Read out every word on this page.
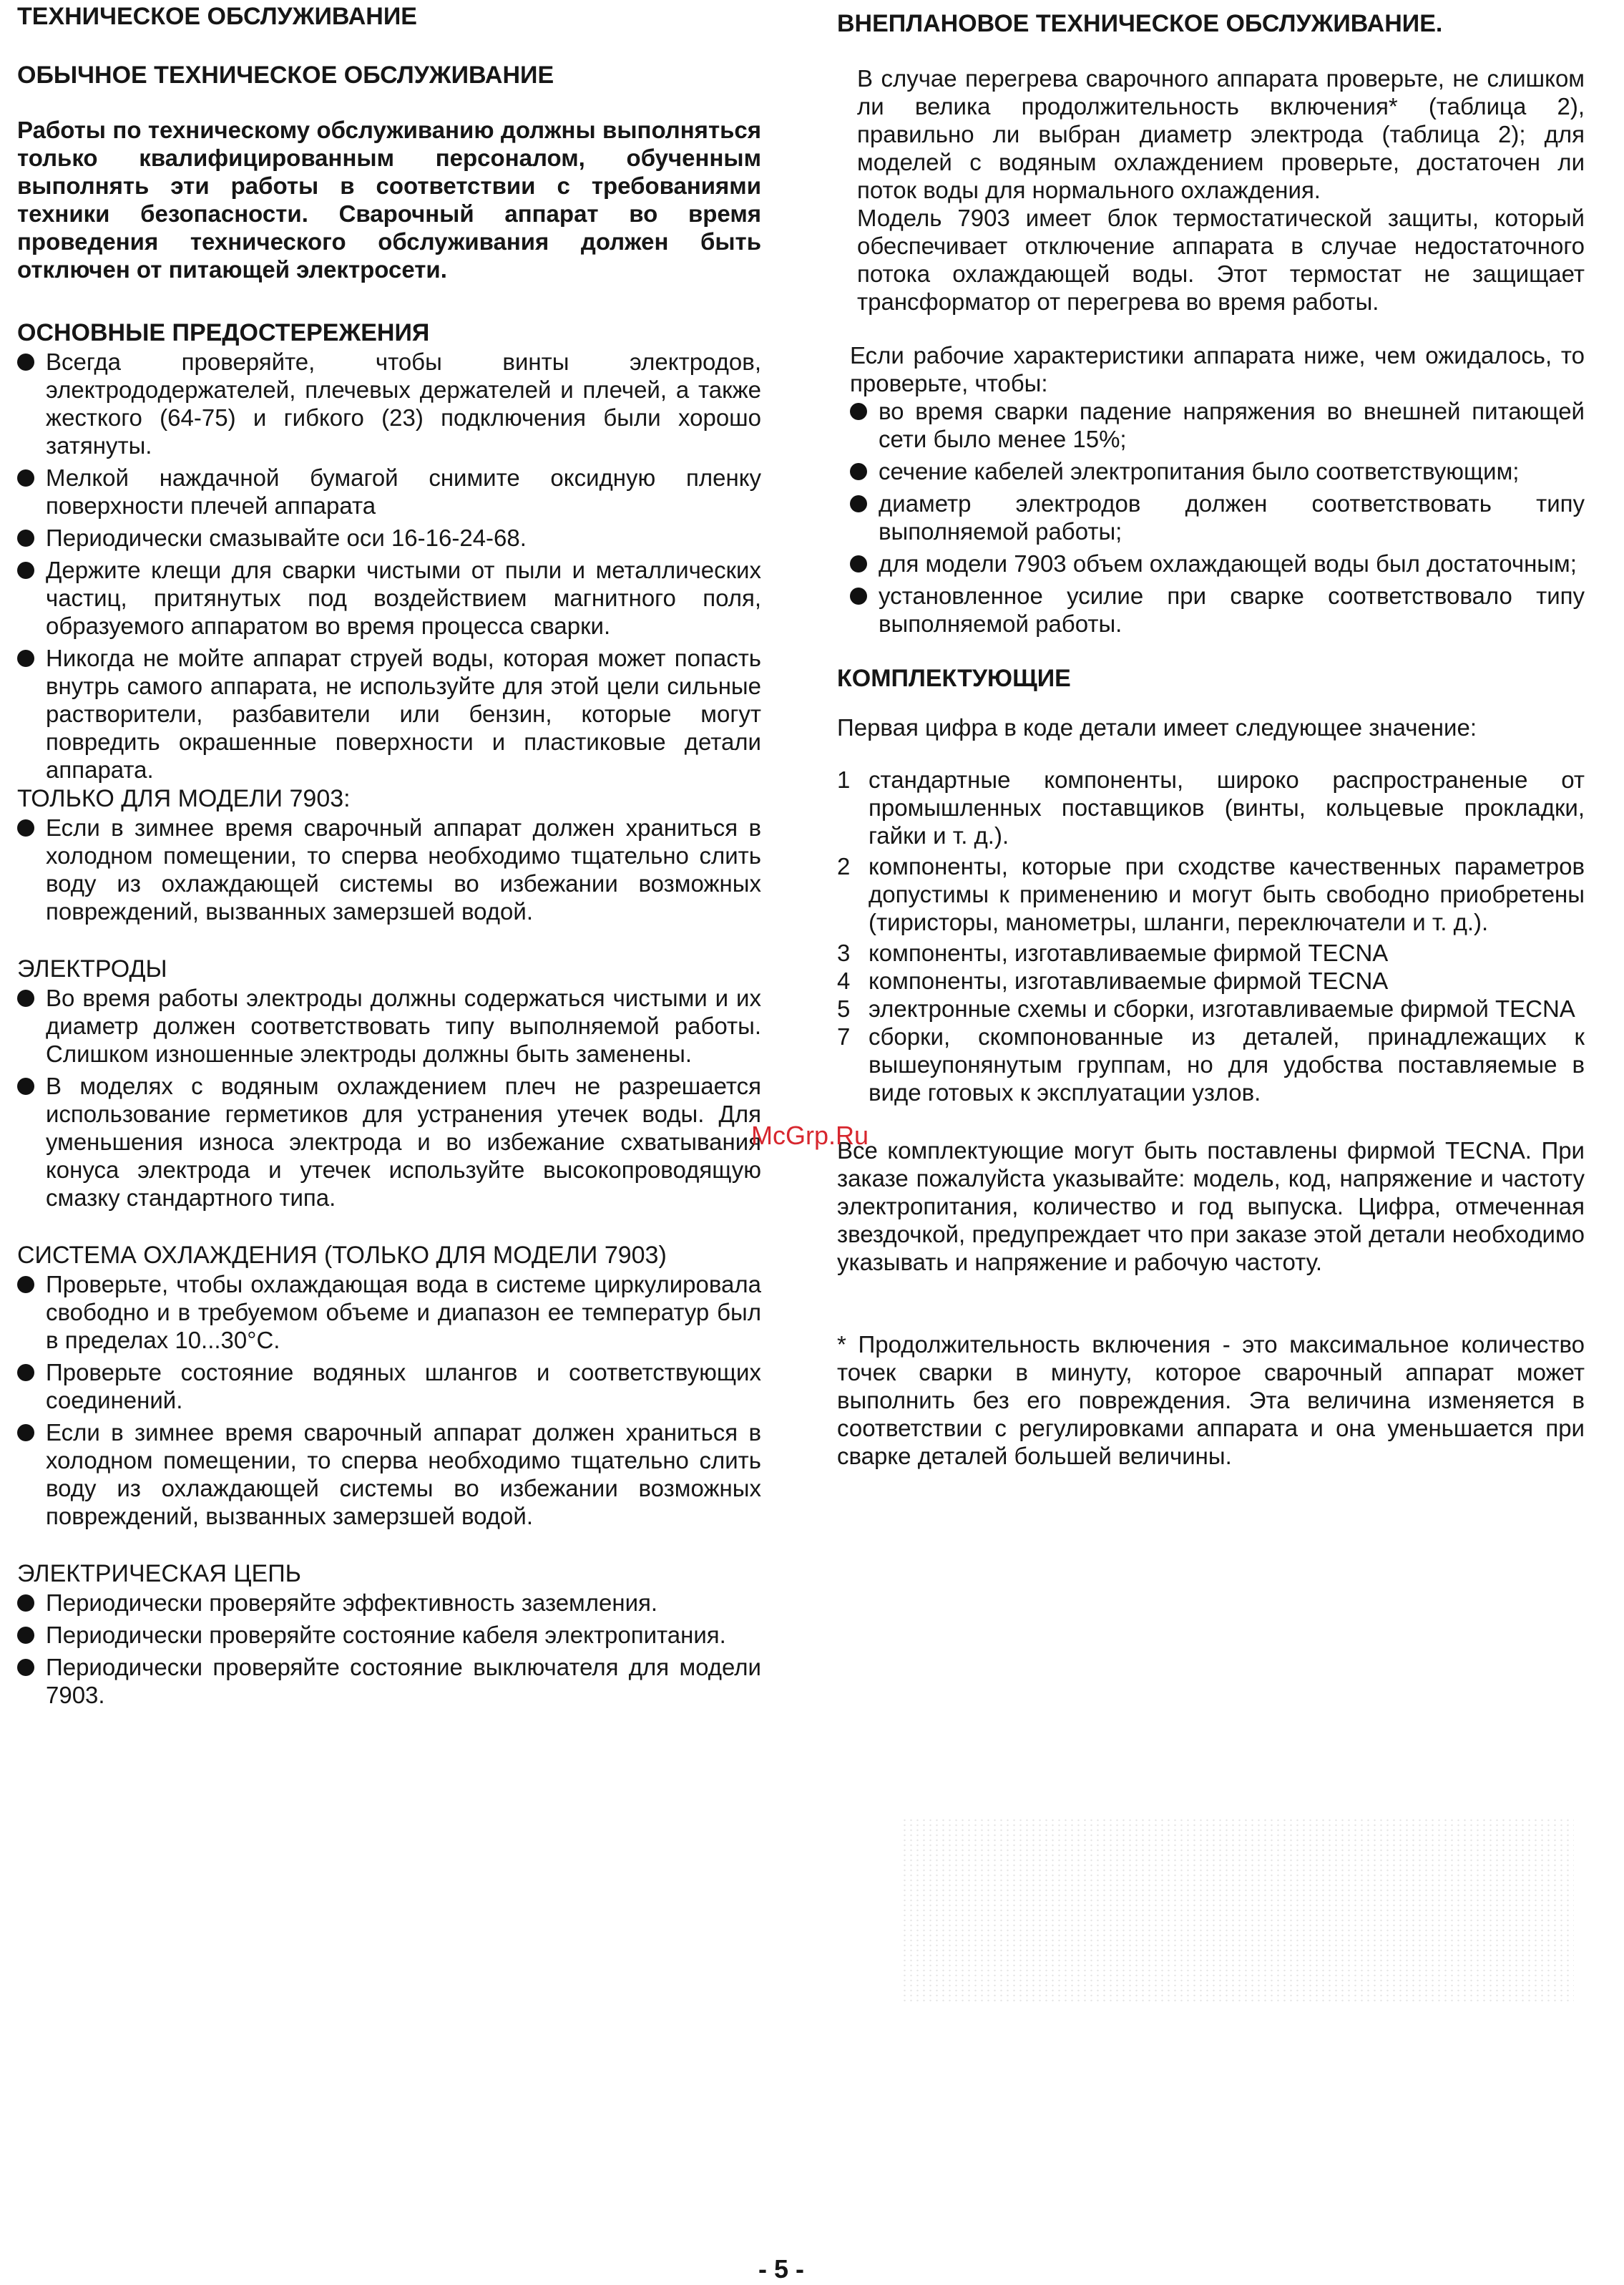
ТЕХНИЧЕСКОЕ ОБСЛУЖИВАНИЕ

ОБЫЧНОЕ ТЕХНИЧЕСКОЕ ОБСЛУЖИВАНИЕ

Работы по техническому обслуживанию должны выполняться только квалифицированным персоналом, обученным выполнять эти работы в соответствии с требованиями техники безопасности. Сварочный аппарат во время проведения технического обслуживания должен быть отключен от питающей электросети.

ОСНОВНЫЕ ПРЕДОСТЕРЕЖЕНИЯ

Всегда проверяйте, чтобы винты электродов, электрододержателей, плечевых держателей и плечей, а также жесткого (64-75) и гибкого (23) подключения были хорошо затянуты.
Мелкой наждачной бумагой снимите оксидную пленку поверхности плечей аппарата
Периодически смазывайте оси 16-16-24-68.
Держите клещи для сварки чистыми от пыли и металлических частиц, притянутых под воздействием магнитного поля, образуемого аппаратом во время процесса сварки.
Никогда не мойте аппарат струей воды, которая может попасть внутрь самого аппарата, не используйте для этой цели сильные растворители, разбавители или бензин, которые могут повредить окрашенные поверхности и пластиковые детали аппарата.

ТОЛЬКО ДЛЯ МОДЕЛИ 7903:

Если в зимнее время сварочный аппарат должен храниться в холодном помещении, то сперва необходимо тщательно слить воду из охлаждающей системы во избежании возможных повреждений, вызванных замерзшей водой.

ЭЛЕКТРОДЫ

Во время работы электроды должны содержаться чистыми и их диаметр должен соответствовать типу выполняемой работы. Слишком изношенные электроды должны быть заменены.
В моделях с водяным охлаждением плеч не разрешается использование герметиков для устранения утечек воды. Для уменьшения износа электрода и во избежание схватывания конуса электрода и утечек используйте высокопроводящую смазку стандартного типа.

СИСТЕМА ОХЛАЖДЕНИЯ (ТОЛЬКО ДЛЯ МОДЕЛИ 7903)

Проверьте, чтобы охлаждающая вода в системе циркулировала свободно и в требуемом объеме и диапазон ее температур был в пределах 10...30°С.
Проверьте состояние водяных шлангов и соответствующих соединений.
Если в зимнее время сварочный аппарат должен храниться в холодном помещении, то сперва необходимо тщательно слить воду из охлаждающей системы во избежании возможных повреждений, вызванных замерзшей водой.

ЭЛЕКТРИЧЕСКАЯ ЦЕПЬ

Периодически проверяйте эффективность заземления.
Периодически проверяйте состояние кабеля электропитания.
Периодически проверяйте состояние выключателя для модели 7903.

ВНЕПЛАНОВОЕ ТЕХНИЧЕСКОЕ ОБСЛУЖИВАНИЕ.

В случае перегрева сварочного аппарата проверьте, не слишком ли велика продолжительность включения* (таблица 2), правильно ли выбран диаметр электрода (таблица 2); для моделей с водяным охлаждением проверьте, достаточен ли поток воды для нормального охлаждения.

Модель 7903 имеет блок термостатической защиты, который обеспечивает отключение аппарата в случае недостаточного потока охлаждающей воды. Этот термостат не защищает трансформатор от перегрева во время работы.

Если рабочие характеристики аппарата ниже, чем ожидалось, то проверьте, чтобы:

во время сварки падение напряжения во внешней питающей сети было менее 15%;
сечение кабелей электропитания было соответствующим;
диаметр электродов должен соответствовать типу выполняемой работы;
для модели 7903 объем охлаждающей воды был достаточным;
установленное усилие при сварке соответствовало типу выполняемой работы.

КОМПЛЕКТУЮЩИЕ

Первая цифра в коде детали имеет следующее значение:

1 стандартные компоненты, широко распространеные от промышленных поставщиков (винты, кольцевые прокладки, гайки и т. д.).
2 компоненты, которые при сходстве качественных параметров допустимы к применению и могут быть свободно приобретены (тиристоры, манометры, шланги, переключатели и т. д.).
3 компоненты, изготавливаемые фирмой TECNA
4 компоненты, изготавливаемые фирмой TECNA
5 электронные схемы и сборки, изготавливаемые фирмой TECNA
7 сборки, скомпонованные из деталей, принадлежащих к вышеупонянутым группам, но для удобства поставляемые в виде готовых к эксплуатации узлов.

Все комплектующие могут быть поставлены фирмой TECNA. При заказе пожалуйста указывайте: модель, код, напряжение и частоту электропитания, количество и год выпуска. Цифра, отмеченная звездочкой, предупреждает что при заказе этой детали необходимо указывать и напряжение и рабочую частоту.

* Продолжительность включения - это максимальное количество точек сварки в минуту, которое сварочный аппарат может выполнить без его повреждения. Эта величина изменяется в соответствии с регулировками аппарата и она уменьшается при сварке деталей большей величины.

McGrp.Ru
- 5 -
